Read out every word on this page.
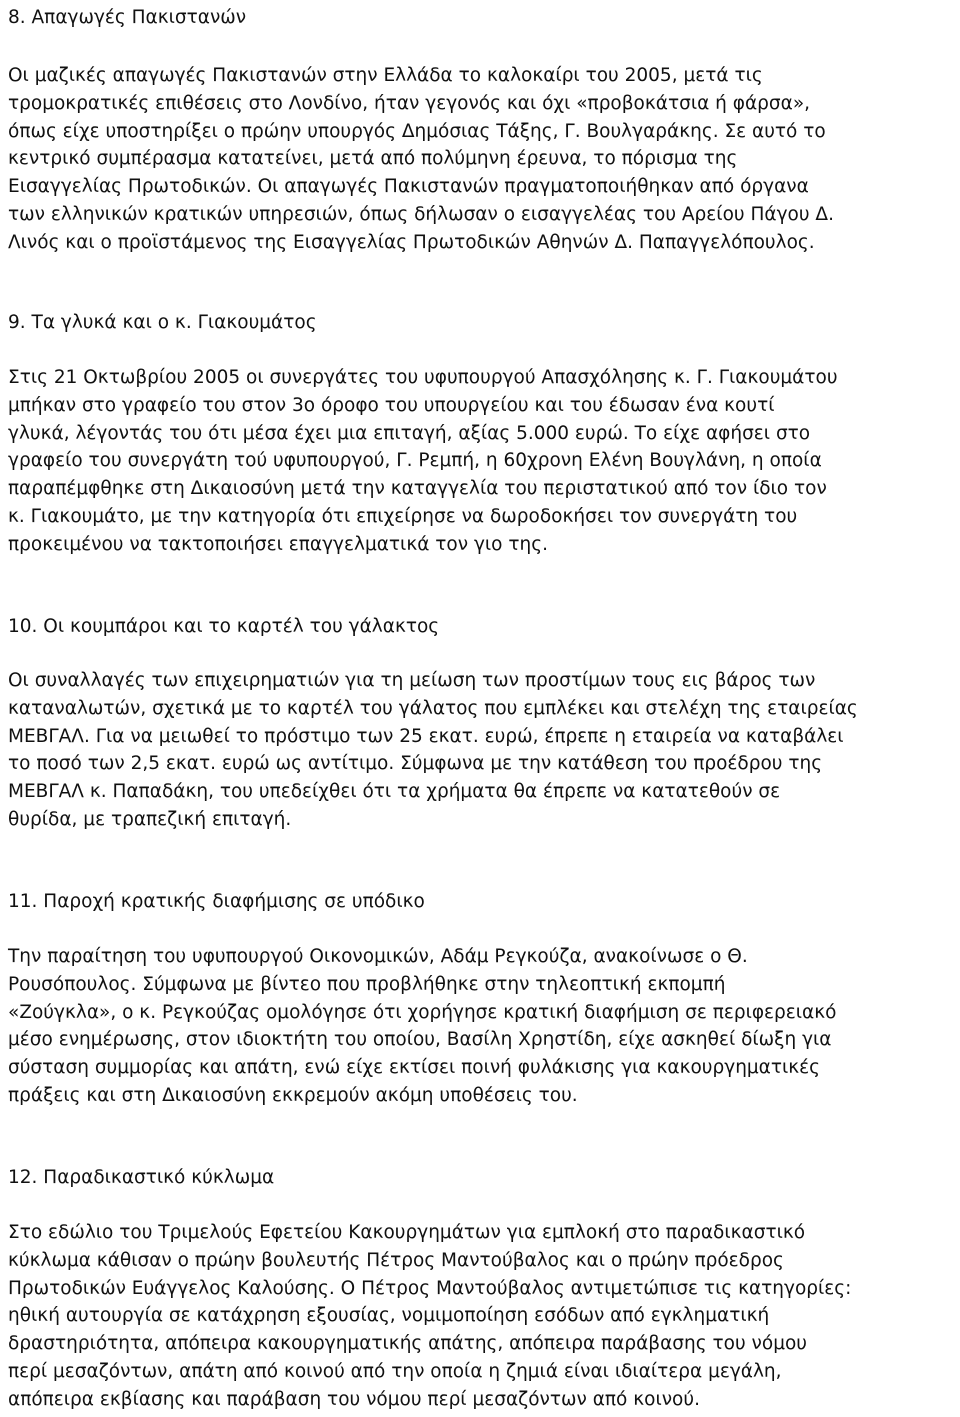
8. Απαγωγές Πακιστανών

Οι μαζικές απαγωγές Πακιστανών στην Ελλάδα το καλοκαίρι του 2005, μετά τις
τρομοκρατικές επιθέσεις στο Λονδίνο, ήταν γεγονός και όχι «προβοκάτσια ή φάρσα»,
όπως είχε υποστηρίξει ο πρώην υπουργός Δημόσιας Τάξης, Γ. Βουλγαράκης. Σε αυτό το
κεντρικό συμπέρασμα κατατείνει, μετά από πολύμηνη έρευνα, το πόρισμα της
Εισαγγελίας Πρωτοδικών. Οι απαγωγές Πακιστανών πραγματοποιήθηκαν από όργανα
των ελληνικών κρατικών υπηρεσιών, όπως δήλωσαν ο εισαγγελέας του Αρείου Πάγου Δ.
Λινός και ο προϊστάμενος της Εισαγγελίας Πρωτοδικών Αθηνών Δ. Παπαγγελόπουλος.

9. Τα γλυκά και ο κ. Γιακουμάτος

Στις 21 Οκτωβρίου 2005 οι συνεργάτες του υφυπουργού Απασχόλησης κ. Γ. Γιακουμάτου
μπήκαν στο γραφείο του στον 3ο όροφο του υπουργείου και του έδωσαν ένα κουτί
γλυκά, λέγοντάς του ότι μέσα έχει μια επιταγή, αξίας 5.000 ευρώ. Το είχε αφήσει στο
γραφείο του συνεργάτη τού υφυπουργού, Γ. Ρεμπή, η 60χρονη Ελένη Βουγλάνη, η οποία
παραπέμφθηκε στη Δικαιοσύνη μετά την καταγγελία του περιστατικού από τον ίδιο τον
κ. Γιακουμάτο, με την κατηγορία ότι επιχείρησε να δωροδοκήσει τον συνεργάτη του
προκειμένου να τακτοποιήσει επαγγελματικά τον γιο της.

10. Οι κουμπάροι και το καρτέλ του γάλακτος

Οι συναλλαγές των επιχειρηματιών για τη μείωση των προστίμων τους εις βάρος των
καταναλωτών, σχετικά με το καρτέλ του γάλατος που εμπλέκει και στελέχη της εταιρείας
ΜΕΒΓΑΛ. Για να μειωθεί το πρόστιμο των 25 εκατ. ευρώ, έπρεπε η εταιρεία να καταβάλει
το ποσό των 2,5 εκατ. ευρώ ως αντίτιμο. Σύμφωνα με την κατάθεση του προέδρου της
ΜΕΒΓΑΛ κ. Παπαδάκη, του υπεδείχθει ότι τα χρήματα θα έπρεπε να κατατεθούν σε
θυρίδα, με τραπεζική επιταγή.

11. Παροχή κρατικής διαφήμισης σε υπόδικο

Την παραίτηση του υφυπουργού Οικονομικών, Αδάμ Ρεγκούζα, ανακοίνωσε ο Θ.
Ρουσόπουλος. Σύμφωνα με βίντεο που προβλήθηκε στην τηλεοπτική εκπομπή
«Ζούγκλα», ο κ. Ρεγκούζας ομολόγησε ότι χορήγησε κρατική διαφήμιση σε περιφερειακό
μέσο ενημέρωσης, στον ιδιοκτήτη του οποίου, Βασίλη Χρηστίδη, είχε ασκηθεί δίωξη για
σύσταση συμμορίας και απάτη, ενώ είχε εκτίσει ποινή φυλάκισης για κακουργηματικές
πράξεις και στη Δικαιοσύνη εκκρεμούν ακόμη υποθέσεις του.

12. Παραδικαστικό κύκλωμα

Στο εδώλιο του Τριμελούς Εφετείου Κακουργημάτων για εμπλοκή στο παραδικαστικό
κύκλωμα κάθισαν ο πρώην βουλευτής Πέτρος Μαντούβαλος και ο πρώην πρόεδρος
Πρωτοδικών Ευάγγελος Καλούσης. Ο Πέτρος Μαντούβαλος αντιμετώπισε τις κατηγορίες:
ηθική αυτουργία σε κατάχρηση εξουσίας, νομιμοποίηση εσόδων από εγκληματική
δραστηριότητα, απόπειρα κακουργηματικής απάτης, απόπειρα παράβασης του νόμου
περί μεσαζόντων, απάτη από κοινού από την οποία η ζημιά είναι ιδιαίτερα μεγάλη,
απόπειρα εκβίασης και παράβαση του νόμου περί μεσαζόντων από κοινού.
